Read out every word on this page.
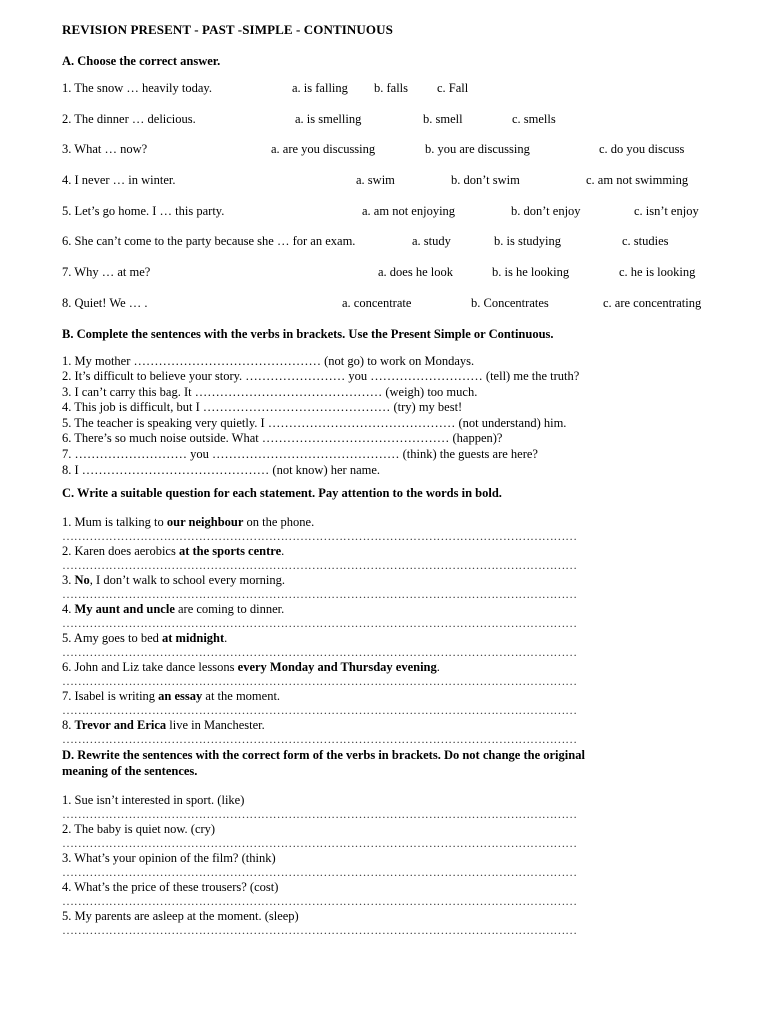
REVISION PRESENT - PAST -SIMPLE - CONTINUOUS
A. Choose the correct answer.
1. The snow … heavily today.	a. is falling b. falls c. Fall
2. The dinner … delicious.	a. is smelling	b. smell	c. smells
3. What … now?	a. are you discussing	b. you are discussing	c. do you discuss
4. I never … in winter.	a. swim	b. don’t swim	c. am not swimming
5. Let’s go home. I … this party.	a. am not enjoying	b. don’t enjoy	c. isn’t enjoy
6. She can’t come to the party because she … for an exam.	a. study	b. is studying	c. studies
7. Why … at me?	a. does he look	b. is he looking	c. he is looking
8. Quiet! We … .	a. concentrate	b. Concentrates	c. are concentrating
B. Complete the sentences with the verbs in brackets. Use the Present Simple or Continuous.
1. My mother ……………………………………… (not go) to work on Mondays.
2. It’s difficult to believe your story. …………………… you ……………………… (tell) me the truth?
3. I can’t carry this bag. It ……………………………………… (weigh) too much.
4. This job is difficult, but I ……………………………………… (try) my best!
5. The teacher is speaking very quietly. I ……………………………………… (not understand) him.
6. There’s so much noise outside. What ……………………………………… (happen)?
7. ……………………… you ……………………………………… (think) the guests are here?
8. I ……………………………………… (not know) her name.
C. Write a suitable question for each statement. Pay attention to the words in bold.
1. Mum is talking to our neighbour on the phone.
……………………………………………………………………………………………………………………
2. Karen does aerobics at the sports centre.
……………………………………………………………………………………………………………………
3. No, I don’t walk to school every morning.
……………………………………………………………………………………………………………………
4. My aunt and uncle are coming to dinner.
……………………………………………………………………………………………………………………
5. Amy goes to bed at midnight.
……………………………………………………………………………………………………………………
6. John and Liz take dance lessons every Monday and Thursday evening.
……………………………………………………………………………………………………………………
7. Isabel is writing an essay at the moment.
……………………………………………………………………………………………………………………
8. Trevor and Erica live in Manchester.
……………………………………………………………………………………………………………………
D. Rewrite the sentences with the correct form of the verbs in brackets. Do not change the original meaning of the sentences.
1. Sue isn’t interested in sport. (like)
……………………………………………………………………………………………………………………
2. The baby is quiet now. (cry)
……………………………………………………………………………………………………………………
3. What’s your opinion of the film? (think)
……………………………………………………………………………………………………………………
4. What’s the price of these trousers? (cost)
……………………………………………………………………………………………………………………
5. My parents are asleep at the moment. (sleep)
……………………………………………………………………………………………………………………
